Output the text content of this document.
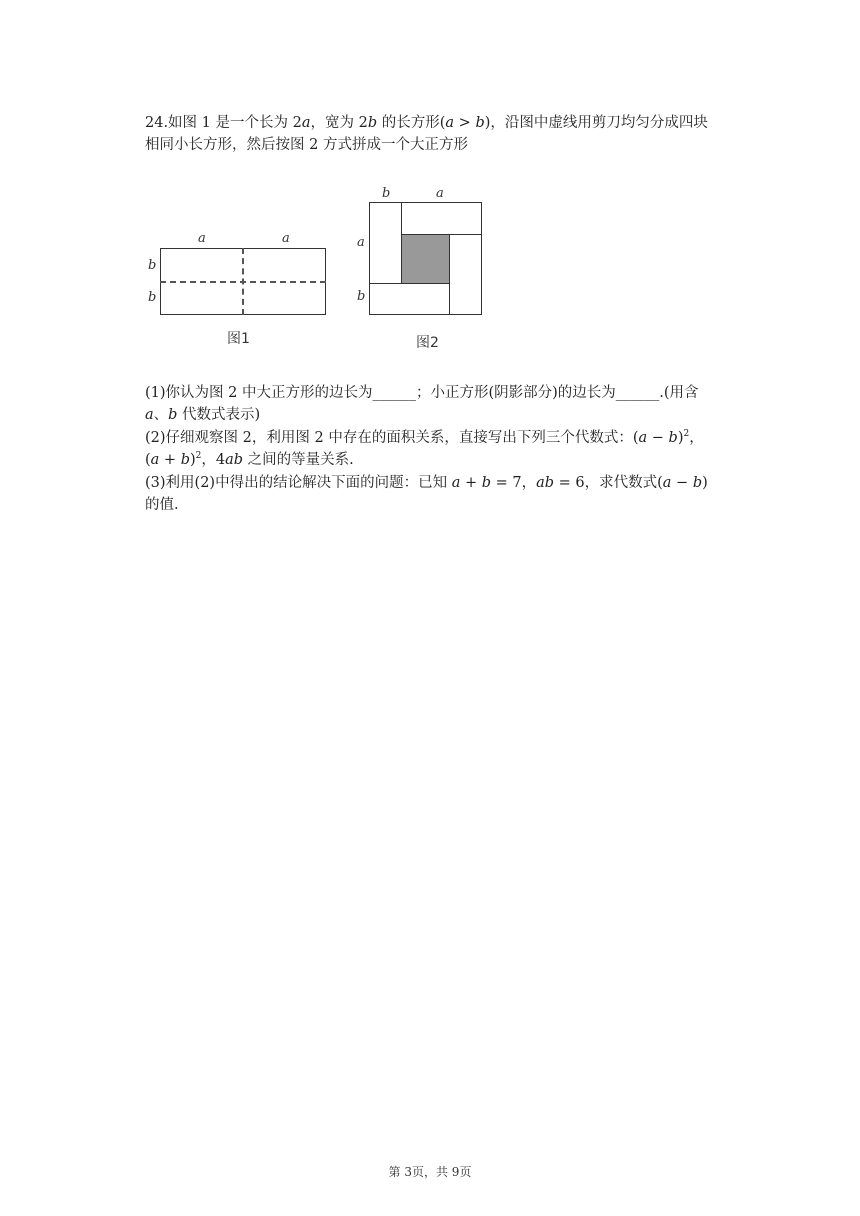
24.如图 1 是一个长为 2a，宽为 2b 的长方形(a > b)，沿图中虚线用剪刀均匀分成四块

相同小长方形，然后按图 2 方式拼成一个大正方形

a	a
b
b
图1
b	a
a
b
图2

(1)你认为图 2 中大正方形的边长为______；小正方形(阴影部分)的边长为______.(用含

a、b 代数式表示)

(2)仔细观察图 2，利用图 2 中存在的面积关系，直接写出下列三个代数式：$(a - b)^2$，

$(a + b)^2$，4ab 之间的等量关系.

(3)利用(2)中得出的结论解决下面的问题：已知 a + b = 7，ab = 6，求代数式(a − b)

的值.

第 3页，共 9页
